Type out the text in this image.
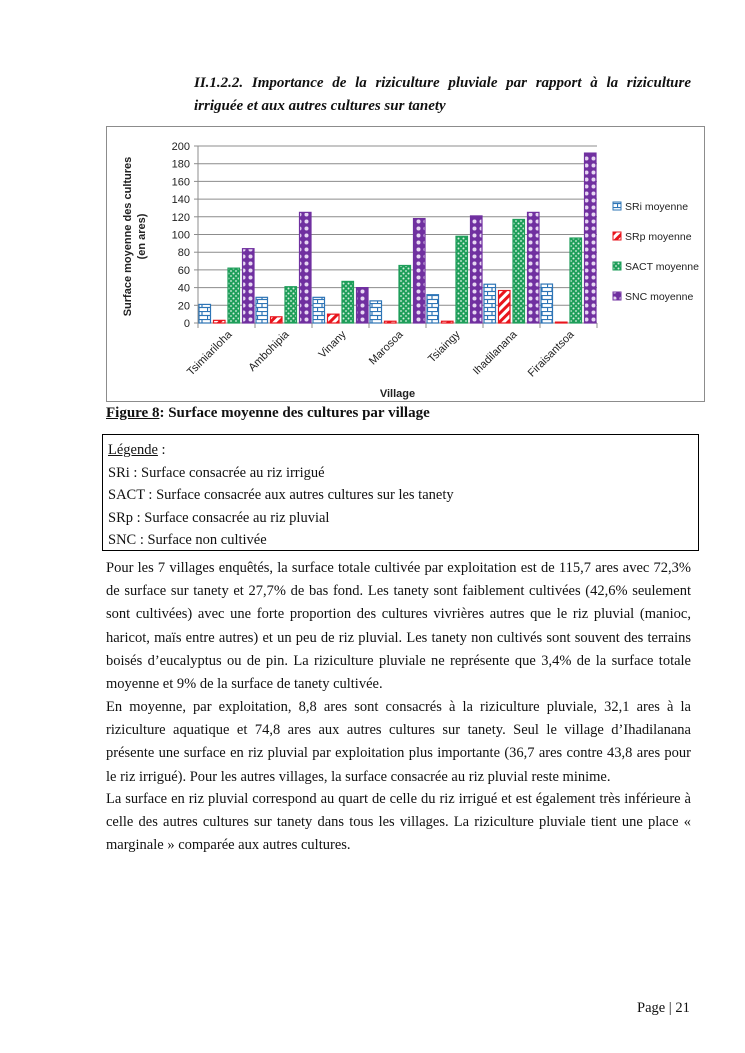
II.1.2.2. Importance de la riziculture pluviale par rapport à la riziculture irriguée et aux autres cultures sur tanety
0
20
40
60
80
100
120
140
160
180
200
Tsimiariloha Ambohipia Vinany Marosoa Tsiaingy Ihadilanana Firaisantsoa
Village
Surface moyenne des cultures (en ares)
SRi moyenne
SRp moyenne
SACT moyenne
SNC moyenne
Figure 8: Surface moyenne des cultures par village
Légende :
SRi : Surface consacrée au riz irrigué
SACT : Surface consacrée aux autres cultures sur les tanety
SRp : Surface consacrée au riz pluvial
SNC : Surface non cultivée
Pour les 7 villages enquêtés, la surface totale cultivée par exploitation est de 115,7 ares avec 72,3% de surface sur tanety et 27,7% de bas fond. Les tanety sont faiblement cultivées (42,6% seulement sont cultivées) avec une forte proportion des cultures vivrières autres que le riz pluvial (manioc, haricot, maïs entre autres) et un peu de riz pluvial. Les tanety non cultivés sont souvent des terrains boisés d’eucalyptus ou de pin. La riziculture pluviale ne représente que 3,4% de la surface totale moyenne et 9% de la surface de tanety cultivée.
En moyenne, par exploitation, 8,8 ares sont consacrés à la riziculture pluviale, 32,1 ares à la riziculture aquatique et 74,8 ares aux autres cultures sur tanety. Seul le village d’Ihadilanana présente une surface en riz pluvial par exploitation plus importante (36,7 ares contre 43,8 ares pour le riz irrigué). Pour les autres villages, la surface consacrée au riz pluvial reste minime.
La surface en riz pluvial correspond au quart de celle du riz irrigué et est également très inférieure à celle des autres cultures sur tanety dans tous les villages. La riziculture pluviale tient une place « marginale » comparée aux autres cultures.
Page | 21
